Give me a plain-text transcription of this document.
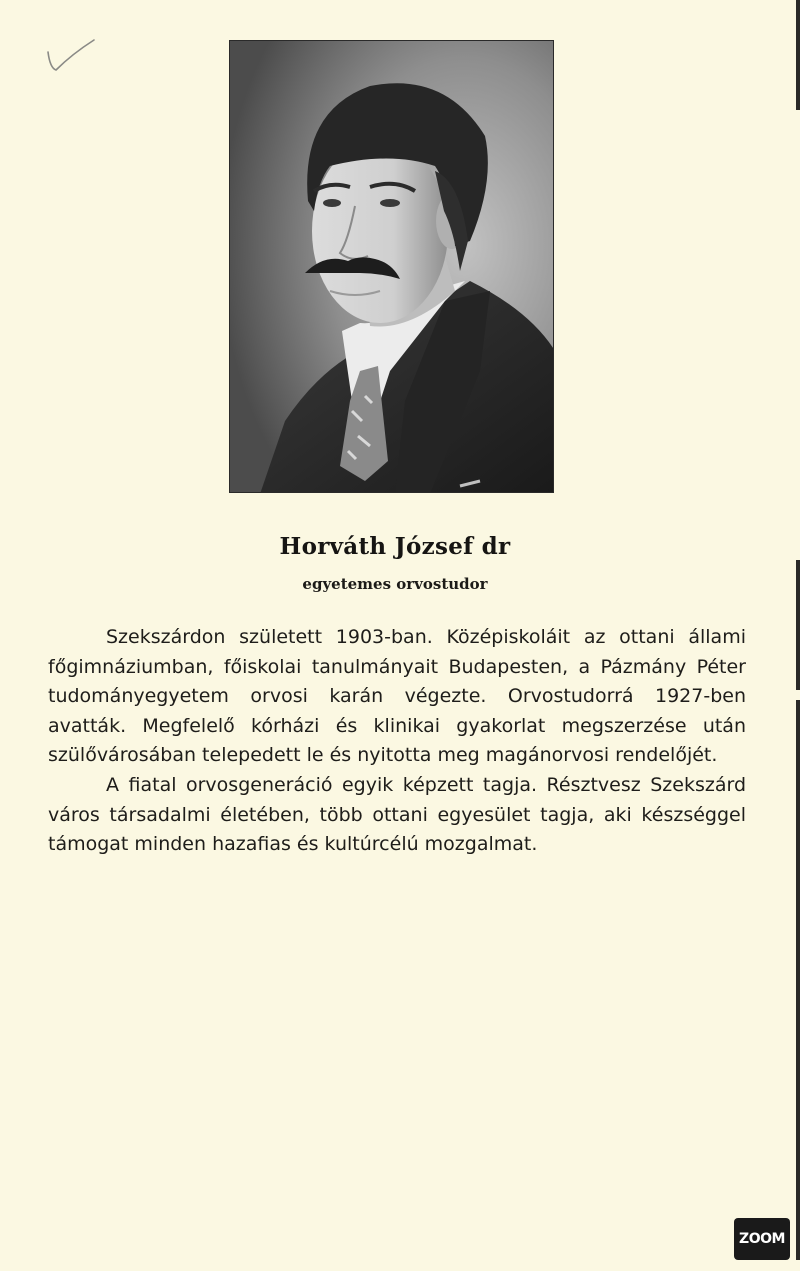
Horváth József dr
egyetemes orvostudor

Szekszárdon született 1903-ban. Középiskoláit az ottani állami főgimnáziumban, főiskolai tanulmányait Budapesten, a Pázmány Péter tudományegyetem orvosi karán végezte. Orvostudorrá 1927-ben avatták. Megfelelő kórházi és klinikai gyakorlat megszerzése után szülővárosában telepedett le és nyitotta meg magánorvosi rendelőjét.

A fiatal orvosgeneráció egyik képzett tagja. Résztvesz Szekszárd város társadalmi életében, több ottani egyesület tagja, aki készséggel támogat minden hazafias és kultúrcélú mozgalmat.

ZOOM
